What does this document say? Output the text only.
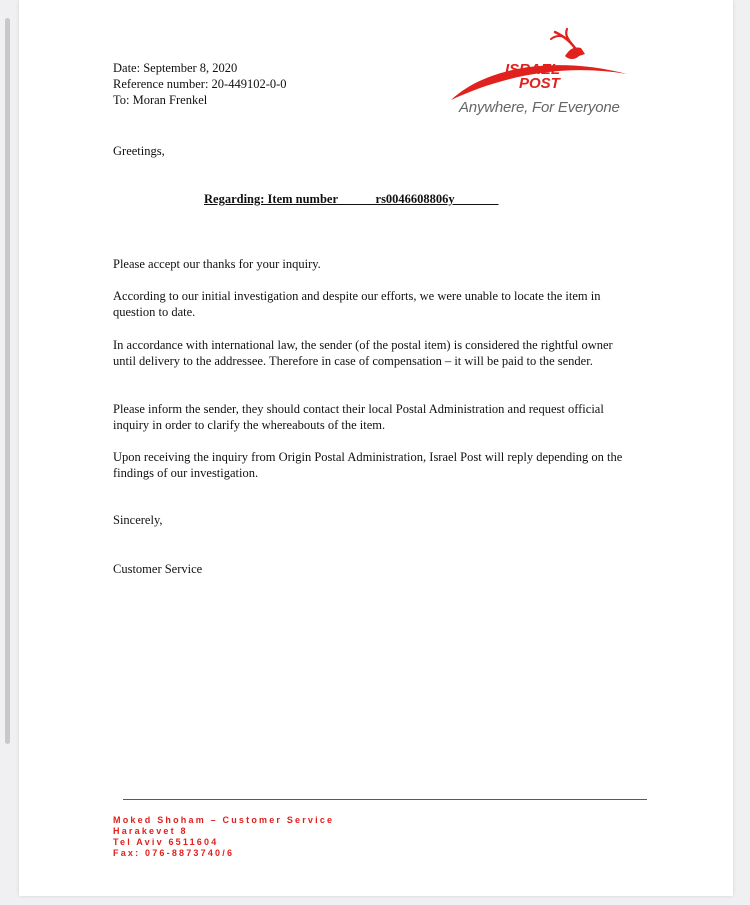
Date: September 8, 2020
Reference number: 20-449102-0-0
To: Moran Frenkel
ISRAEL
POST
Anywhere, For Everyone
Greetings,
Regarding: Item number______rs0046608806y_______

Please accept our thanks for your inquiry.

According to our initial investigation and despite our efforts, we were unable to locate the item in question to date.

In accordance with international law, the sender (of the postal item) is considered the rightful owner until delivery to the addressee. Therefore in case of compensation – it will be paid to the sender.

Please inform the sender, they should contact their local Postal Administration and request official inquiry in order to clarify the whereabouts of the item.

Upon receiving the inquiry from Origin Postal Administration, Israel Post will reply depending on the findings of our investigation.

Sincerely,
Customer Service
Moked Shoham – Customer Service
Harakevet 8
Tel Aviv 6511604
Fax: 076-8873740/6
